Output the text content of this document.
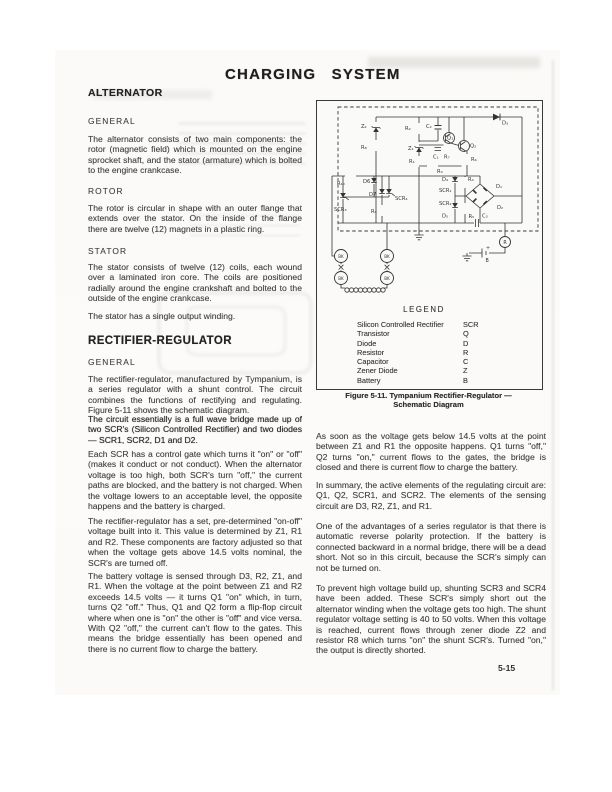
CHARGING SYSTEM
ALTERNATOR
GENERAL
The alternator consists of two main components: the rotor (magnetic field) which is mounted on the engine sprocket shaft, and the stator (armature) which is bolted to the engine crankcase.
ROTOR
The rotor is circular in shape with an outer flange that extends over the stator. On the inside of the flange there are twelve (12) magnets in a plastic ring.
STATOR
The stator consists of twelve (12) coils, each wound over a laminated iron core. The coils are positioned radially around the engine crankshaft and bolted to the outside of the engine crankcase.
The stator has a single output winding.
RECTIFIER-REGULATOR
GENERAL
The rectifier-regulator, manufactured by Tympanium, is a series regulator with a shunt control. The circuit combines the functions of rectifying and regulating. Figure 5-11 shows the schematic diagram.
The circuit essentially is a full wave bridge made up of two SCR's (Silicon Controlled Rectifier) and two diodes — SCR1, SCR2, D1 and D2.
Each SCR has a control gate which turns it "on" or "off" (makes it conduct or not conduct). When the alternator voltage is too high, both SCR's turn "off," the current paths are blocked, and the battery is not charged. When the voltage lowers to an acceptable level, the opposite happens and the battery is charged.
The rectifier-regulator has a set, pre-determined "on-off" voltage built into it. This value is determined by Z1, R1 and R2. These components are factory adjusted so that when the voltage gets above 14.5 volts nominal, the SCR's are turned off.
The battery voltage is sensed through D3, R2, Z1, and R1. When the voltage at the point between Z1 and R2 exceeds 14.5 volts — it turns Q1 "on" which, in turn, turns Q2 "off." Thus, Q1 and Q2 form a flip-flop circuit where when one is "on" the other is "off" and vice versa. With Q2 "off," the current can't flow to the gates. This means the bridge essentially has been opened and there is no current flow to charge the battery.
Z₂
R₈
R₂	C₂
Z₁
C₁ R₇
R₁
Q₁
Q₂
R₆
R₃
D₃
R₁₀	D6
D7
SCR₃
SCR₄
R₉
D₄	R₄
SCR₁
SCR₂
D₁
D₂
D₅	R₅ C₃
BK	BK
BK	BK
R
+
B
LEGEND
Silicon Controlled Rectifier	SCR
Transistor	Q
Diode	D
Resistor	R
Capacitor	C
Zener Diode	Z
Battery	B
Figure 5-11. Tympanium Rectifier-Regulator —
Schematic Diagram
As soon as the voltage gets below 14.5 volts at the point between Z1 and R1 the opposite happens. Q1 turns "off," Q2 turns "on," current flows to the gates, the bridge is closed and there is current flow to charge the battery.
In summary, the active elements of the regulating circuit are: Q1, Q2, SCR1, and SCR2. The elements of the sensing circuit are D3, R2, Z1, and R1.
One of the advantages of a series regulator is that there is automatic reverse polarity protection. If the battery is connected backward in a normal bridge, there will be a dead short. Not so in this circuit, because the SCR's simply can not be turned on.
To prevent high voltage build up, shunting SCR3 and SCR4 have been added. These SCR's simply short out the alternator winding when the voltage gets too high. The shunt regulator voltage setting is 40 to 50 volts. When this voltage is reached, current flows through zener diode Z2 and resistor R8 which turns "on" the shunt SCR's. Turned "on," the output is directly shorted.
5-15
